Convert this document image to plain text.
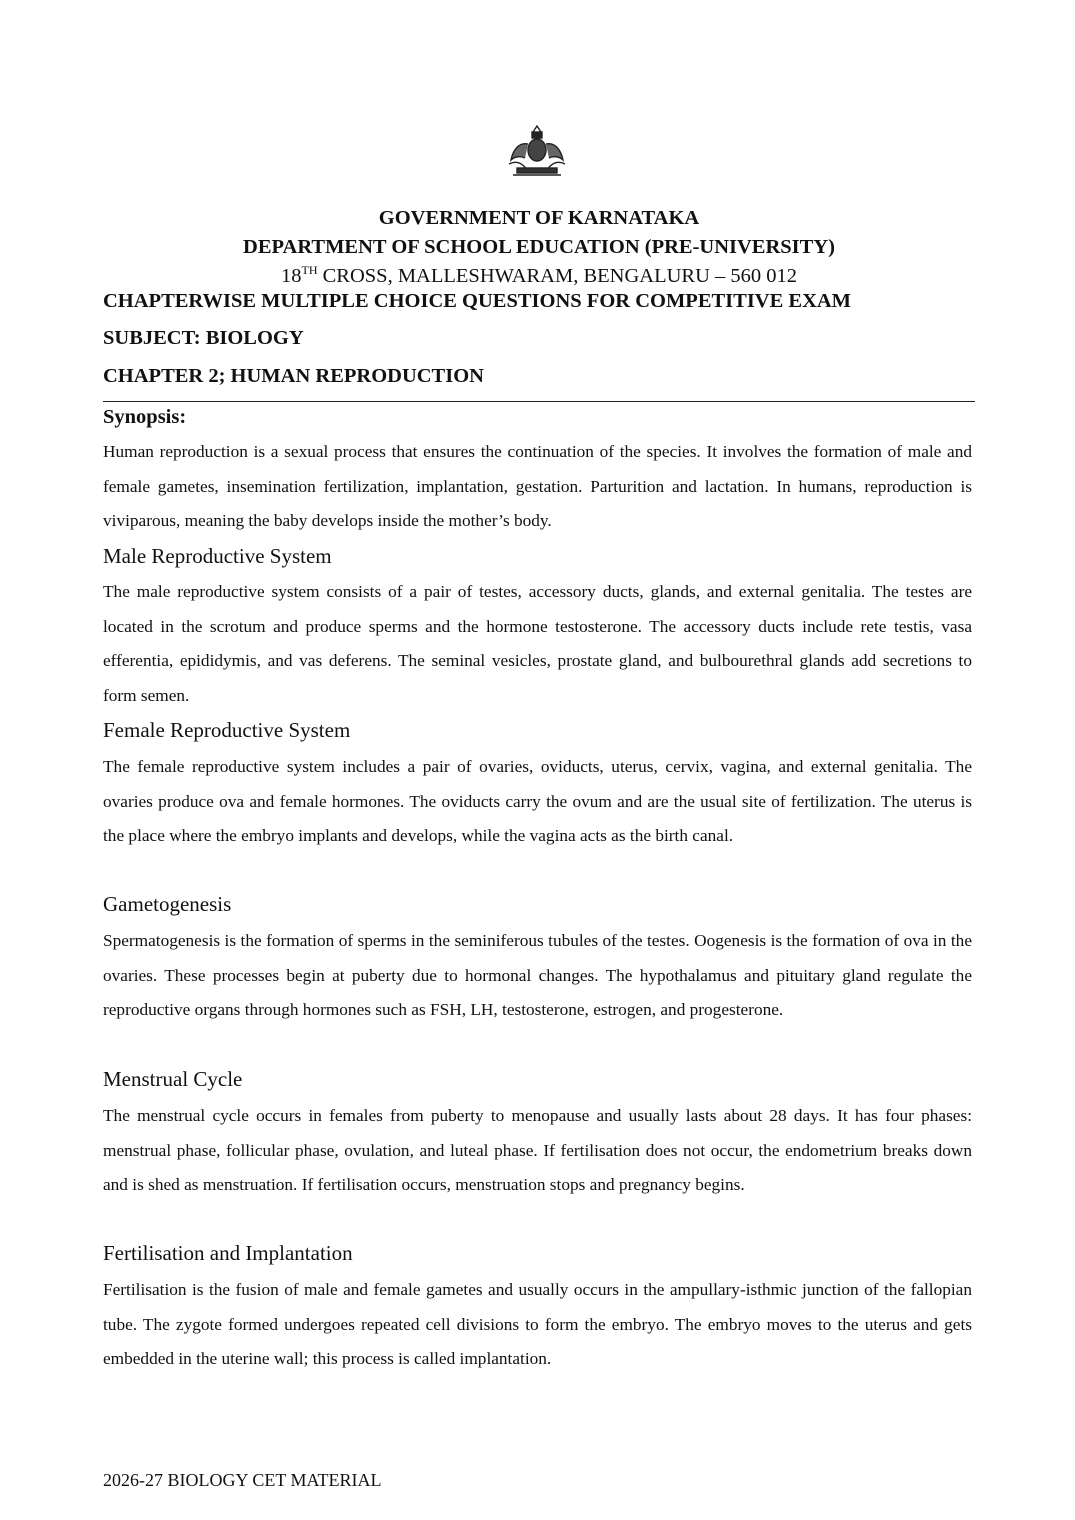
GOVERNMENT OF KARNATAKA
DEPARTMENT OF SCHOOL EDUCATION (PRE-UNIVERSITY)
18TH CROSS, MALLESHWARAM, BENGALURU – 560 012
CHAPTERWISE MULTIPLE CHOICE QUESTIONS FOR COMPETITIVE EXAM
SUBJECT: BIOLOGY
CHAPTER 2; HUMAN REPRODUCTION
Synopsis:
Human reproduction is a sexual process that ensures the continuation of the species. It involves the formation of male and female gametes, insemination fertilization, implantation, gestation. Parturition and lactation. In humans, reproduction is viviparous, meaning the baby develops inside the mother’s body.
Male Reproductive System
The male reproductive system consists of a pair of testes, accessory ducts, glands, and external genitalia. The testes are located in the scrotum and produce sperms and the hormone testosterone. The accessory ducts include rete testis, vasa efferentia, epididymis, and vas deferens. The seminal vesicles, prostate gland, and bulbourethral glands add secretions to form semen.
Female Reproductive System
The female reproductive system includes a pair of ovaries, oviducts, uterus, cervix, vagina, and external genitalia. The ovaries produce ova and female hormones. The oviducts carry the ovum and are the usual site of fertilization. The uterus is the place where the embryo implants and develops, while the vagina acts as the birth canal.
Gametogenesis
Spermatogenesis is the formation of sperms in the seminiferous tubules of the testes. Oogenesis is the formation of ova in the ovaries. These processes begin at puberty due to hormonal changes. The hypothalamus and pituitary gland regulate the reproductive organs through hormones such as FSH, LH, testosterone, estrogen, and progesterone.
Menstrual Cycle
The menstrual cycle occurs in females from puberty to menopause and usually lasts about 28 days. It has four phases: menstrual phase, follicular phase, ovulation, and luteal phase. If fertilisation does not occur, the endometrium breaks down and is shed as menstruation. If fertilisation occurs, menstruation stops and pregnancy begins.
Fertilisation and Implantation
Fertilisation is the fusion of male and female gametes and usually occurs in the ampullary-isthmic junction of the fallopian tube. The zygote formed undergoes repeated cell divisions to form the embryo. The embryo moves to the uterus and gets embedded in the uterine wall; this process is called implantation.
2026-27 BIOLOGY CET MATERIAL
